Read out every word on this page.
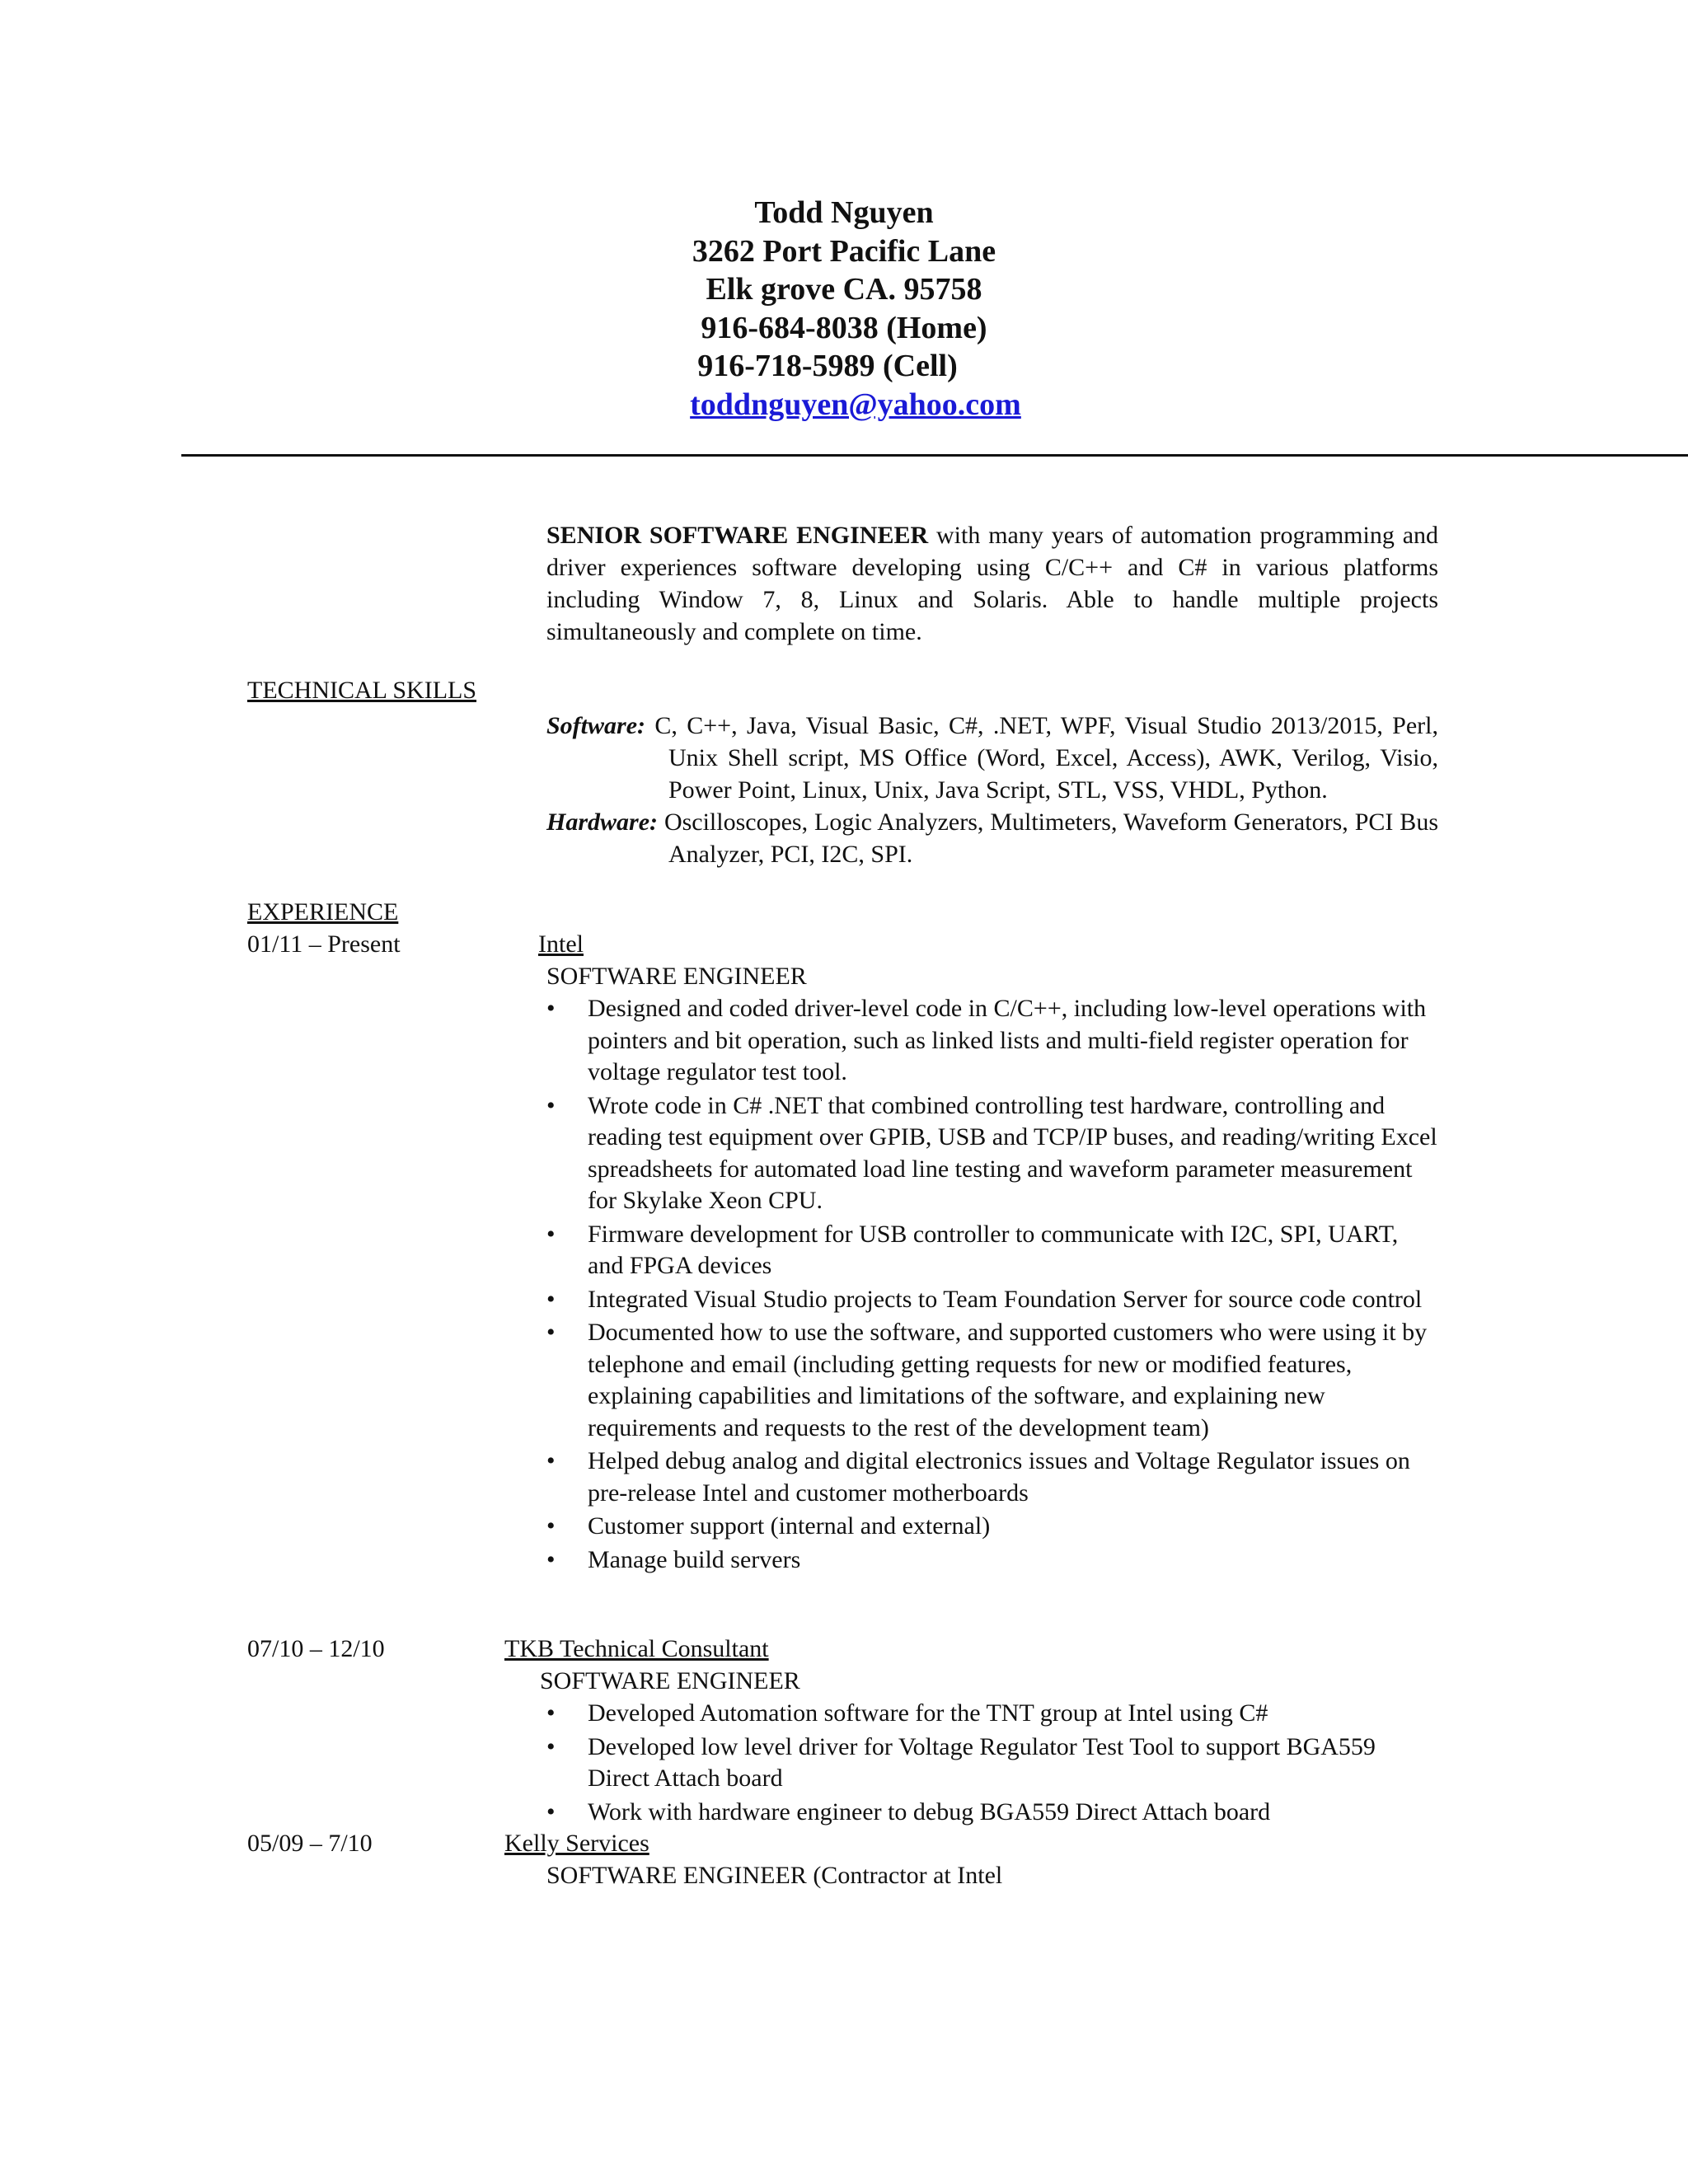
Todd Nguyen
3262 Port Pacific Lane
Elk grove CA. 95758
916-684-8038 (Home)
916-718-5989 (Cell)
toddnguyen@yahoo.com
SENIOR SOFTWARE ENGINEER with many years of automation programming and driver experiences software developing using C/C++ and C# in various platforms including Window 7, 8, Linux and Solaris. Able to handle multiple projects simultaneously and complete on time.
TECHNICAL SKILLS
Software: C, C++, Java, Visual Basic, C#, .NET, WPF, Visual Studio 2013/2015, Perl, Unix Shell script, MS Office (Word, Excel, Access), AWK, Verilog, Visio, Power Point, Linux, Unix, Java Script, STL, VSS, VHDL, Python.
Hardware: Oscilloscopes, Logic Analyzers, Multimeters, Waveform Generators, PCI Bus Analyzer, PCI, I2C, SPI.
EXPERIENCE
01/11 – Present	Intel
SOFTWARE ENGINEER
• Designed and coded driver-level code in C/C++, including low-level operations with pointers and bit operation, such as linked lists and multi-field register operation for voltage regulator test tool.
• Wrote code in C# .NET that combined controlling test hardware, controlling and reading test equipment over GPIB, USB and TCP/IP buses, and reading/writing Excel spreadsheets for automated load line testing and waveform parameter measurement for Skylake Xeon CPU.
• Firmware development for USB controller to communicate with I2C, SPI, UART, and FPGA devices
• Integrated Visual Studio projects to Team Foundation Server for source code control
• Documented how to use the software, and supported customers who were using it by telephone and email (including getting requests for new or modified features, explaining capabilities and limitations of the software, and explaining new requirements and requests to the rest of the development team)
• Helped debug analog and digital electronics issues and Voltage Regulator issues on pre-release Intel and customer motherboards
• Customer support (internal and external)
• Manage build servers
07/10 – 12/10	TKB Technical Consultant
SOFTWARE ENGINEER
• Developed Automation software for the TNT group at Intel using C#
• Developed low level driver for Voltage Regulator Test Tool to support BGA559 Direct Attach board
• Work with hardware engineer to debug BGA559 Direct Attach board
05/09 – 7/10	Kelly Services
SOFTWARE ENGINEER (Contractor at Intel
